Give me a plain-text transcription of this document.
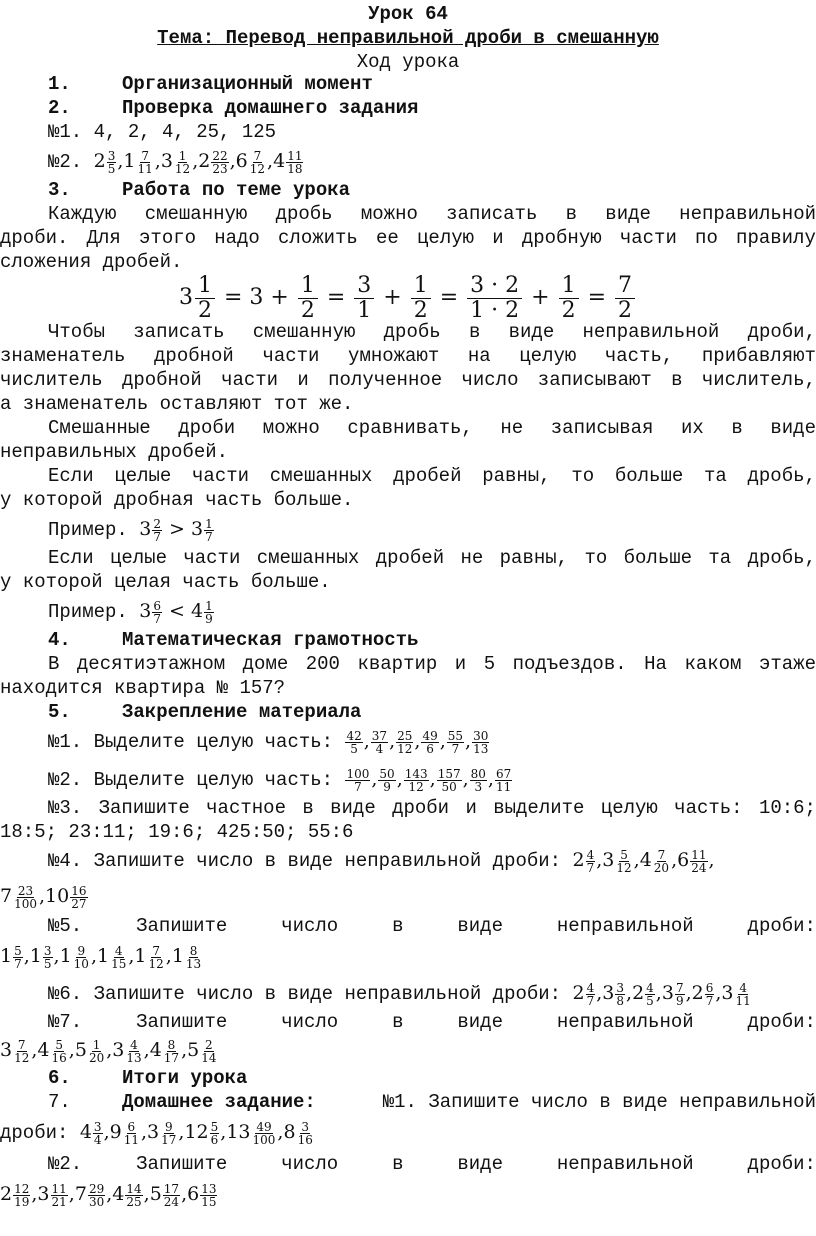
Урок 64
Тема: Перевод неправильной дроби в смешанную
Ход урока
1.	Организационный момент
2.	Проверка домашнего задания
№1. 4, 2, 4, 25, 125
№2. $2 \frac{3}{5} ,1 \frac{7}{11} ,3 \frac{1}{12} ,2 \frac{22}{23} ,6 \frac{7}{12} ,4 \frac{11}{18}$
3.	Работа по теме урока
Каждую смешанную дробь можно записать в виде неправильной
дроби. Для этого надо сложить ее целую и дробную части по правилу
сложения дробей.
$3 \frac{1}{2} = 3 + \frac{1}{2} = \frac{3}{1} + \frac{1}{2} = \frac{3 \cdot 2}{1 \cdot 2} + \frac{1}{2} = \frac{7}{2}$
Чтобы записать смешанную дробь в виде неправильной дроби,
знаменатель дробной части умножают на целую часть, прибавляют
числитель дробной части и полученное число записывают в числитель,
а знаменатель оставляют тот же.
Смешанные дроби можно сравнивать, не записывая их в виде
неправильных дробей.
Если целые части смешанных дробей равны, то больше та дробь,
у которой дробная часть больше.
Пример. $3 \frac{2}{7} > 3 \frac{1}{7}$
Если целые части смешанных дробей не равны, то больше та дробь,
у которой целая часть больше.
Пример. $3 \frac{6}{7} < 4 \frac{1}{9}$
4.	Математическая грамотность
В десятиэтажном доме 200 квартир и 5 подъездов. На каком этаже
находится квартира № 157?
5.	Закрепление материала
№1. Выделите целую часть: $\frac{42}{5}$ , $\frac{37}{4}$ , $\frac{25}{12}$ , $\frac{49}{6}$ , $\frac{55}{7}$ , $\frac{30}{13}$
№2. Выделите целую часть: $\frac{100}{7}$ , $\frac{50}{9}$ , $\frac{143}{12}$ , $\frac{157}{50}$ , $\frac{80}{3}$ , $\frac{67}{11}$
№3. Запишите частное в виде дроби и выделите целую часть: 10:6;
18:5; 23:11; 19:6; 425:50; 55:6
№4. Запишите число в виде неправильной дроби: $2 \frac{4}{7} ,3 \frac{5}{12} ,4 \frac{7}{20} ,6 \frac{11}{24}$ ,
$7 \frac{23}{100} ,10 \frac{16}{27}$
№5.	Запишите	число	в	виде	неправильной	дроби:
$1 \frac{5}{7} ,1 \frac{3}{5} ,1 \frac{9}{10} ,1 \frac{4}{15} ,1 \frac{7}{12} ,1 \frac{8}{13}$
№6. Запишите число в виде неправильной дроби: $2 \frac{4}{7} ,3 \frac{3}{8} ,2 \frac{4}{5} ,3 \frac{7}{9} ,2 \frac{6}{7} ,3 \frac{4}{11}$
№7.	Запишите	число	в	виде	неправильной	дроби:
$3 \frac{7}{12} ,4 \frac{5}{16} ,5 \frac{1}{20} ,3 \frac{4}{13} ,4 \frac{8}{17} ,5 \frac{2}{14}$
6.	Итоги урока
7.	Домашнее задание:	№1. Запишите число в виде неправильной
дроби: $4 \frac{3}{4} ,9 \frac{6}{11} ,3 \frac{9}{17} ,12 \frac{5}{6} ,13 \frac{49}{100} ,8 \frac{3}{16}$
№2.	Запишите	число	в	виде	неправильной	дроби:
$2 \frac{12}{19} ,3 \frac{11}{21} ,7 \frac{29}{30} ,4 \frac{14}{25} ,5 \frac{17}{24} ,6 \frac{13}{15}$
